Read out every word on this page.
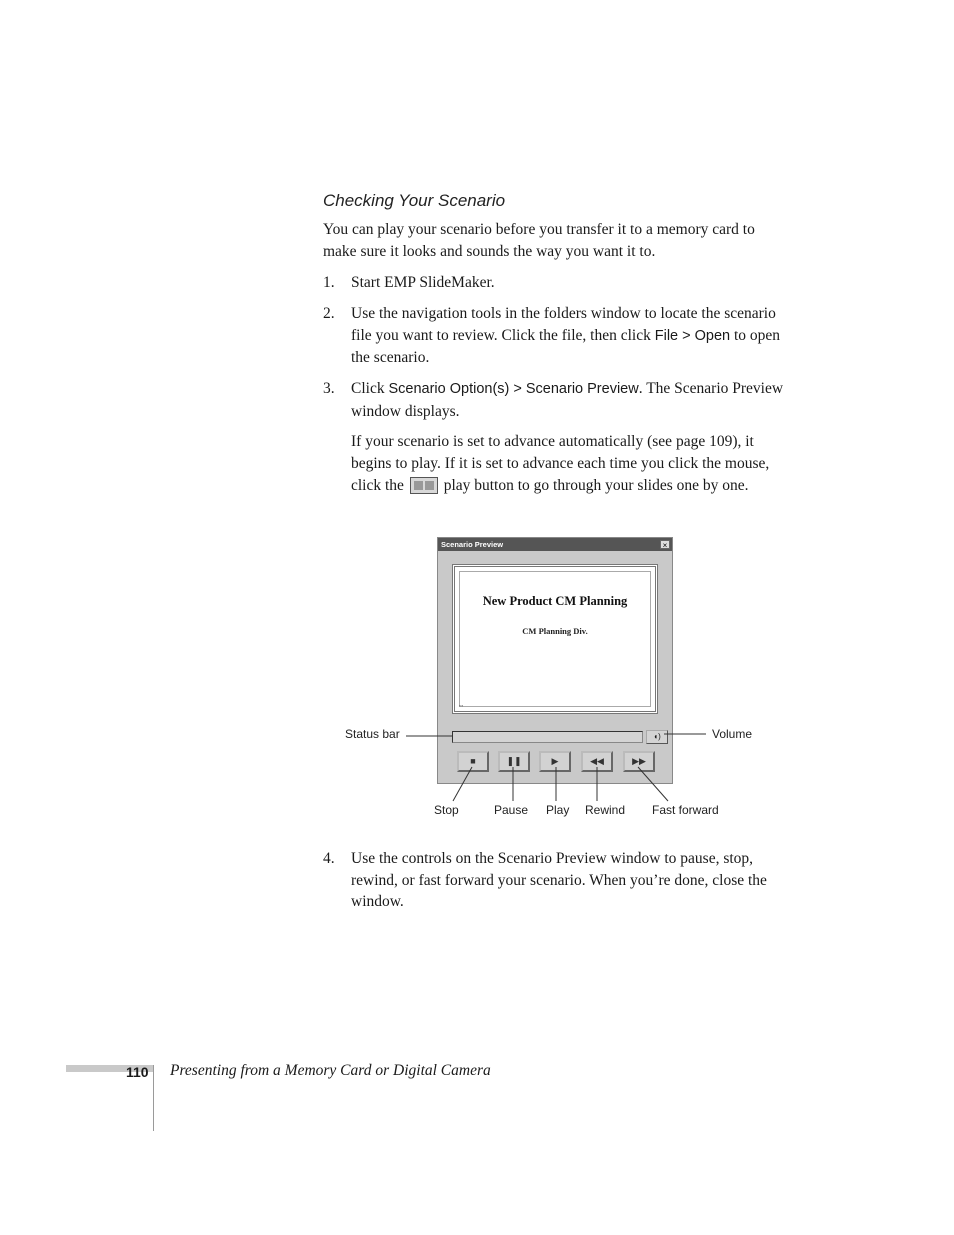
Checking Your Scenario
You can play your scenario before you transfer it to a memory card to make sure it looks and sounds the way you want it to.
1. Start EMP SlideMaker.
2. Use the navigation tools in the folders window to locate the scenario file you want to review. Click the file, then click File > Open to open the scenario.
3. Click Scenario Option(s) > Scenario Preview. The Scenario Preview window displays.
If your scenario is set to advance automatically (see page 109), it begins to play. If it is set to advance each time you click the mouse, click the  play button to go through your slides one by one.
Scenario Preview	×
New Product CM Planning
CM Planning Div.
▪▪▪
◖)
■	❚❚	▶	◀◀	▶▶
Status bar	Volume
Stop	Pause Play Rewind Fast forward
4. Use the controls on the Scenario Preview window to pause, stop, rewind, or fast forward your scenario. When you’re done, close the window.
110 Presenting from a Memory Card or Digital Camera
